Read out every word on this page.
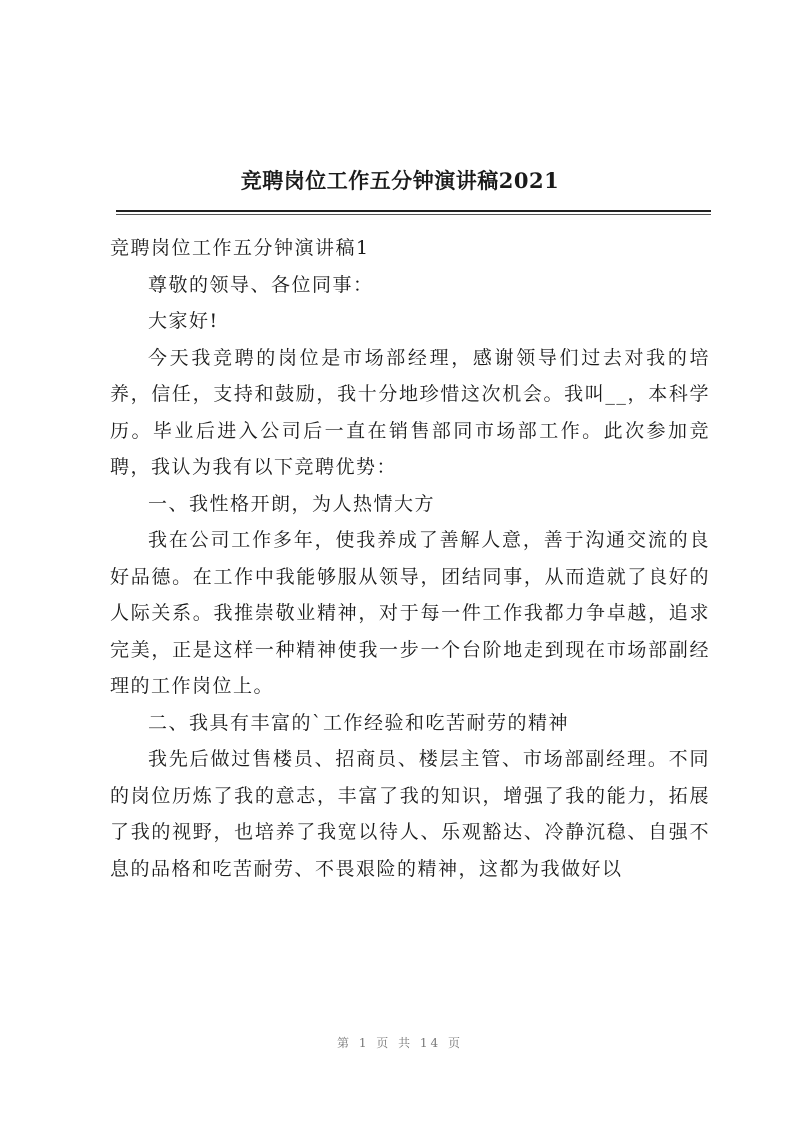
竞聘岗位工作五分钟演讲稿2021

竞聘岗位工作五分钟演讲稿1

尊敬的领导、各位同事：

大家好!

今天我竞聘的岗位是市场部经理，感谢领导们过去对我的培养，信任，支持和鼓励，我十分地珍惜这次机会。我叫__，本科学历。毕业后进入公司后一直在销售部同市场部工作。此次参加竞聘，我认为我有以下竞聘优势：

一、我性格开朗，为人热情大方

我在公司工作多年，使我养成了善解人意，善于沟通交流的良好品德。在工作中我能够服从领导，团结同事，从而造就了良好的人际关系。我推崇敬业精神，对于每一件工作我都力争卓越，追求完美，正是这样一种精神使我一步一个台阶地走到现在市场部副经理的工作岗位上。

二、我具有丰富的`工作经验和吃苦耐劳的精神

我先后做过售楼员、招商员、楼层主管、市场部副经理。不同的岗位历炼了我的意志，丰富了我的知识，增强了我的能力，拓展了我的视野，也培养了我宽以待人、乐观豁达、冷静沉稳、自强不息的品格和吃苦耐劳、不畏艰险的精神，这都为我做好以

第 1 页 共 14 页
